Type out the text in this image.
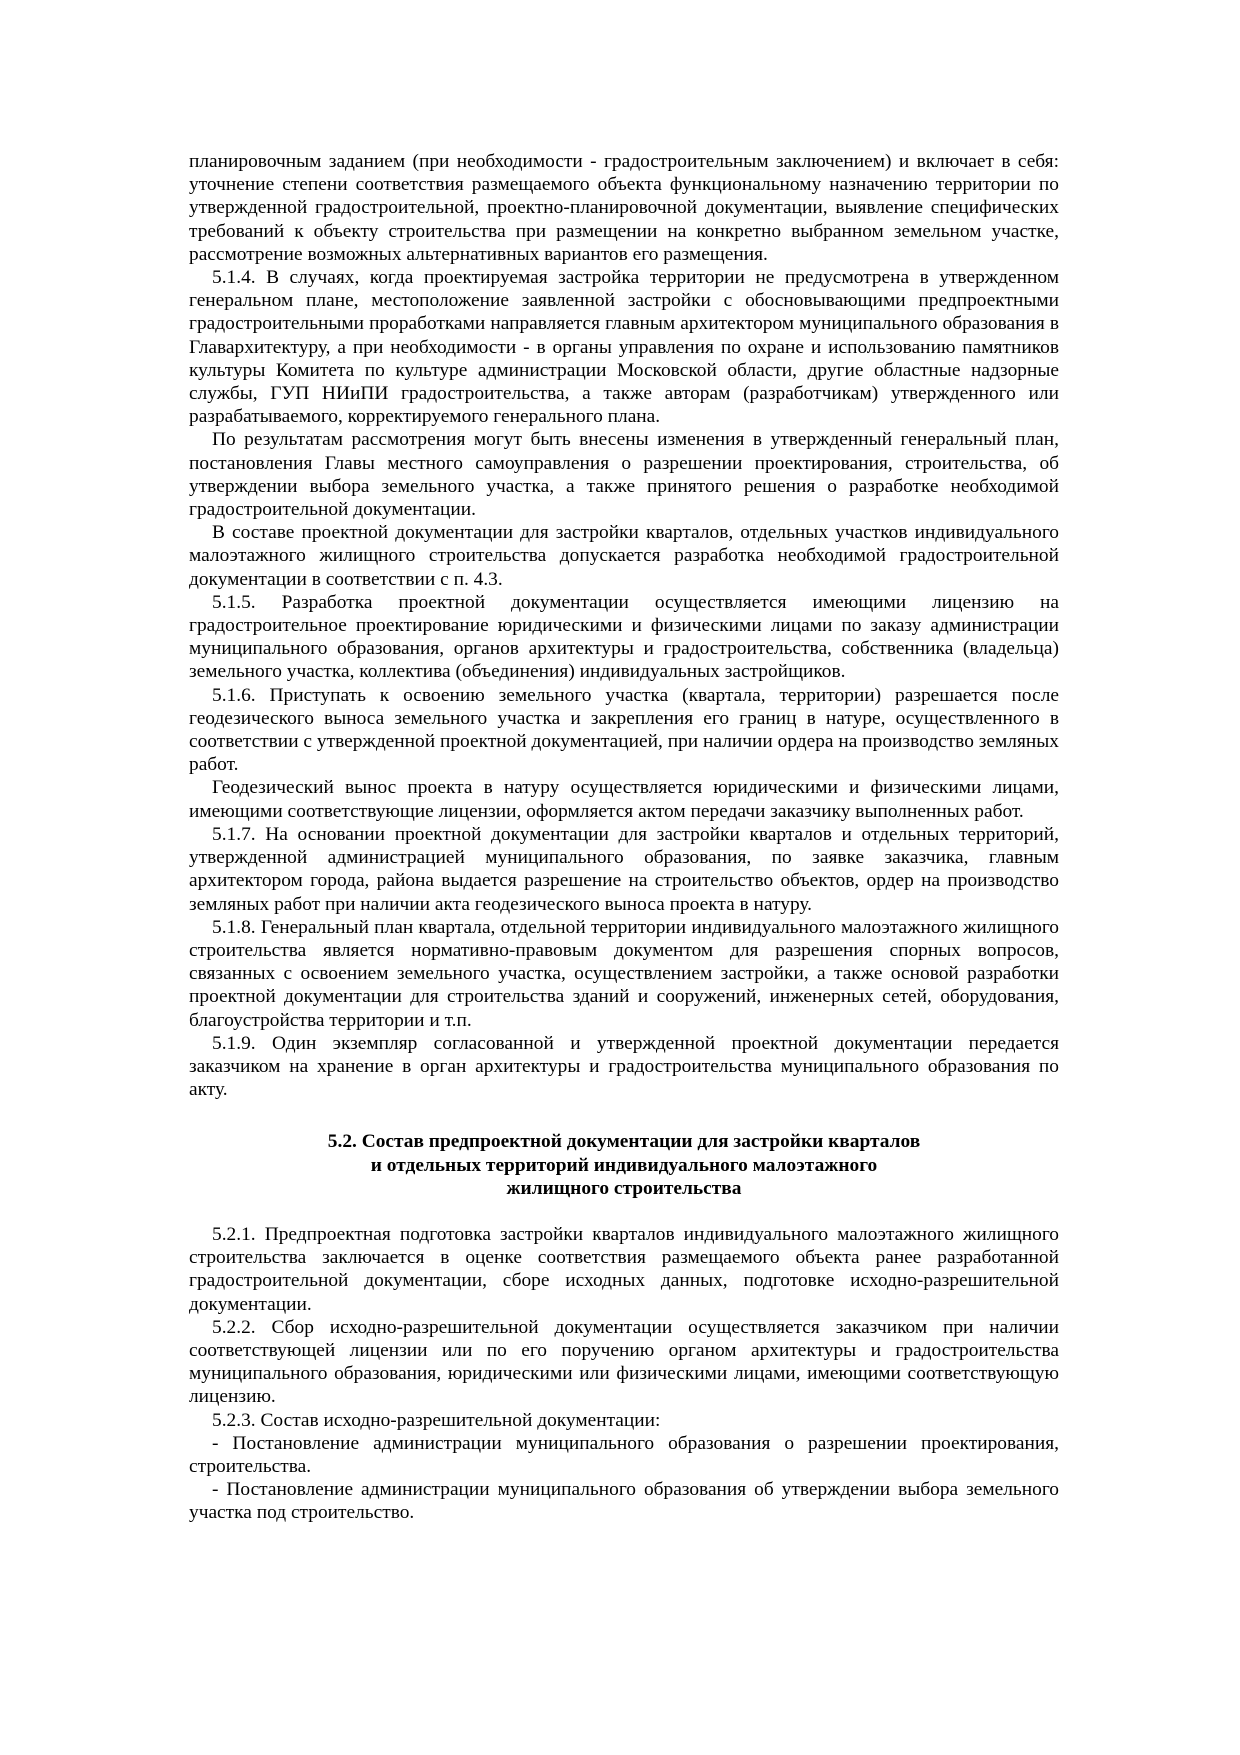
планировочным заданием (при необходимости - градостроительным заключением) и включает в себя: уточнение степени соответствия размещаемого объекта функциональному назначению территории по утвержденной градостроительной, проектно-планировочной документации, выявление специфических требований к объекту строительства при размещении на конкретно выбранном земельном участке, рассмотрение возможных альтернативных вариантов его размещения.

5.1.4. В случаях, когда проектируемая застройка территории не предусмотрена в утвержденном генеральном плане, местоположение заявленной застройки с обосновывающими предпроектными градостроительными проработками направляется главным архитектором муниципального образования в Главархитектуру, а при необходимости - в органы управления по охране и использованию памятников культуры Комитета по культуре администрации Московской области, другие областные надзорные службы, ГУП НИиПИ градостроительства, а также авторам (разработчикам) утвержденного или разрабатываемого, корректируемого генерального плана.

По результатам рассмотрения могут быть внесены изменения в утвержденный генеральный план, постановления Главы местного самоуправления о разрешении проектирования, строительства, об утверждении выбора земельного участка, а также принятого решения о разработке необходимой градостроительной документации.

В составе проектной документации для застройки кварталов, отдельных участков индивидуального малоэтажного жилищного строительства допускается разработка необходимой градостроительной документации в соответствии с п. 4.3.

5.1.5. Разработка проектной документации осуществляется имеющими лицензию на градостроительное проектирование юридическими и физическими лицами по заказу администрации муниципального образования, органов архитектуры и градостроительства, собственника (владельца) земельного участка, коллектива (объединения) индивидуальных застройщиков.

5.1.6. Приступать к освоению земельного участка (квартала, территории) разрешается после геодезического выноса земельного участка и закрепления его границ в натуре, осуществленного в соответствии с утвержденной проектной документацией, при наличии ордера на производство земляных работ.

Геодезический вынос проекта в натуру осуществляется юридическими и физическими лицами, имеющими соответствующие лицензии, оформляется актом передачи заказчику выполненных работ.

5.1.7. На основании проектной документации для застройки кварталов и отдельных территорий, утвержденной администрацией муниципального образования, по заявке заказчика, главным архитектором города, района выдается разрешение на строительство объектов, ордер на производство земляных работ при наличии акта геодезического выноса проекта в натуру.

5.1.8. Генеральный план квартала, отдельной территории индивидуального малоэтажного жилищного строительства является нормативно-правовым документом для разрешения спорных вопросов, связанных с освоением земельного участка, осуществлением застройки, а также основой разработки проектной документации для строительства зданий и сооружений, инженерных сетей, оборудования, благоустройства территории и т.п.

5.1.9. Один экземпляр согласованной и утвержденной проектной документации передается заказчиком на хранение в орган архитектуры и градостроительства муниципального образования по акту.

5.2. Состав предпроектной документации для застройки кварталов
и отдельных территорий индивидуального малоэтажного
жилищного строительства

5.2.1. Предпроектная подготовка застройки кварталов индивидуального малоэтажного жилищного строительства заключается в оценке соответствия размещаемого объекта ранее разработанной градостроительной документации, сборе исходных данных, подготовке исходно-разрешительной документации.

5.2.2. Сбор исходно-разрешительной документации осуществляется заказчиком при наличии соответствующей лицензии или по его поручению органом архитектуры и градостроительства муниципального образования, юридическими или физическими лицами, имеющими соответствующую лицензию.

5.2.3. Состав исходно-разрешительной документации:

- Постановление администрации муниципального образования о разрешении проектирования, строительства.

- Постановление администрации муниципального образования об утверждении выбора земельного участка под строительство.
